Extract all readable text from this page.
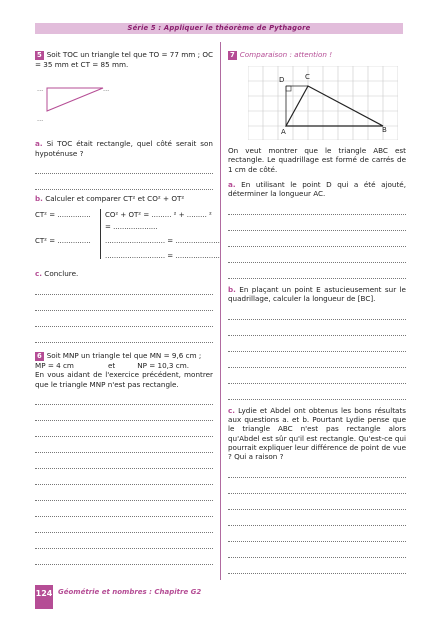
Série 5 : Appliquer le théorème de Pythagore
5 Soit TOC un triangle tel que TO = 77 mm ; OC = 35 mm et CT = 85 mm.
...	...
...
a. Si TOC était rectangle, quel côté serait son hypoténuse ?
b. Calculer et comparer CT² et CO² + OT²
CT² = ............... CO² + OT² = ......... ² + ......... ²
= ....................
CT² = ............... ........................... = ....................
........................... = ....................
c. Conclure.
6 Soit MNP un triangle tel que MN = 9,6 cm ;
MP = 4 cm	et	NP = 10,3 cm.
En vous aidant de l'exercice précédent, montrer que le triangle MNP n'est pas rectangle.
7 Comparaison : attention !
D	C
A	B
On veut montrer que le triangle ABC est rectangle. Le quadrillage est formé de carrés de 1 cm de côté.
a. En utilisant le point D qui a été ajouté, déterminer la longueur AC.
b. En plaçant un point E astucieusement sur le quadrillage, calculer la longueur de [BC].
c. Lydie et Abdel ont obtenus les bons résultats aux questions a. et b. Pourtant Lydie pense que le triangle ABC n'est pas rectangle alors qu'Abdel est sûr qu'il est rectangle. Qu'est-ce qui pourrait expliquer leur différence de point de vue ? Qui a raison ?
124 Géométrie et nombres : Chapitre G2
